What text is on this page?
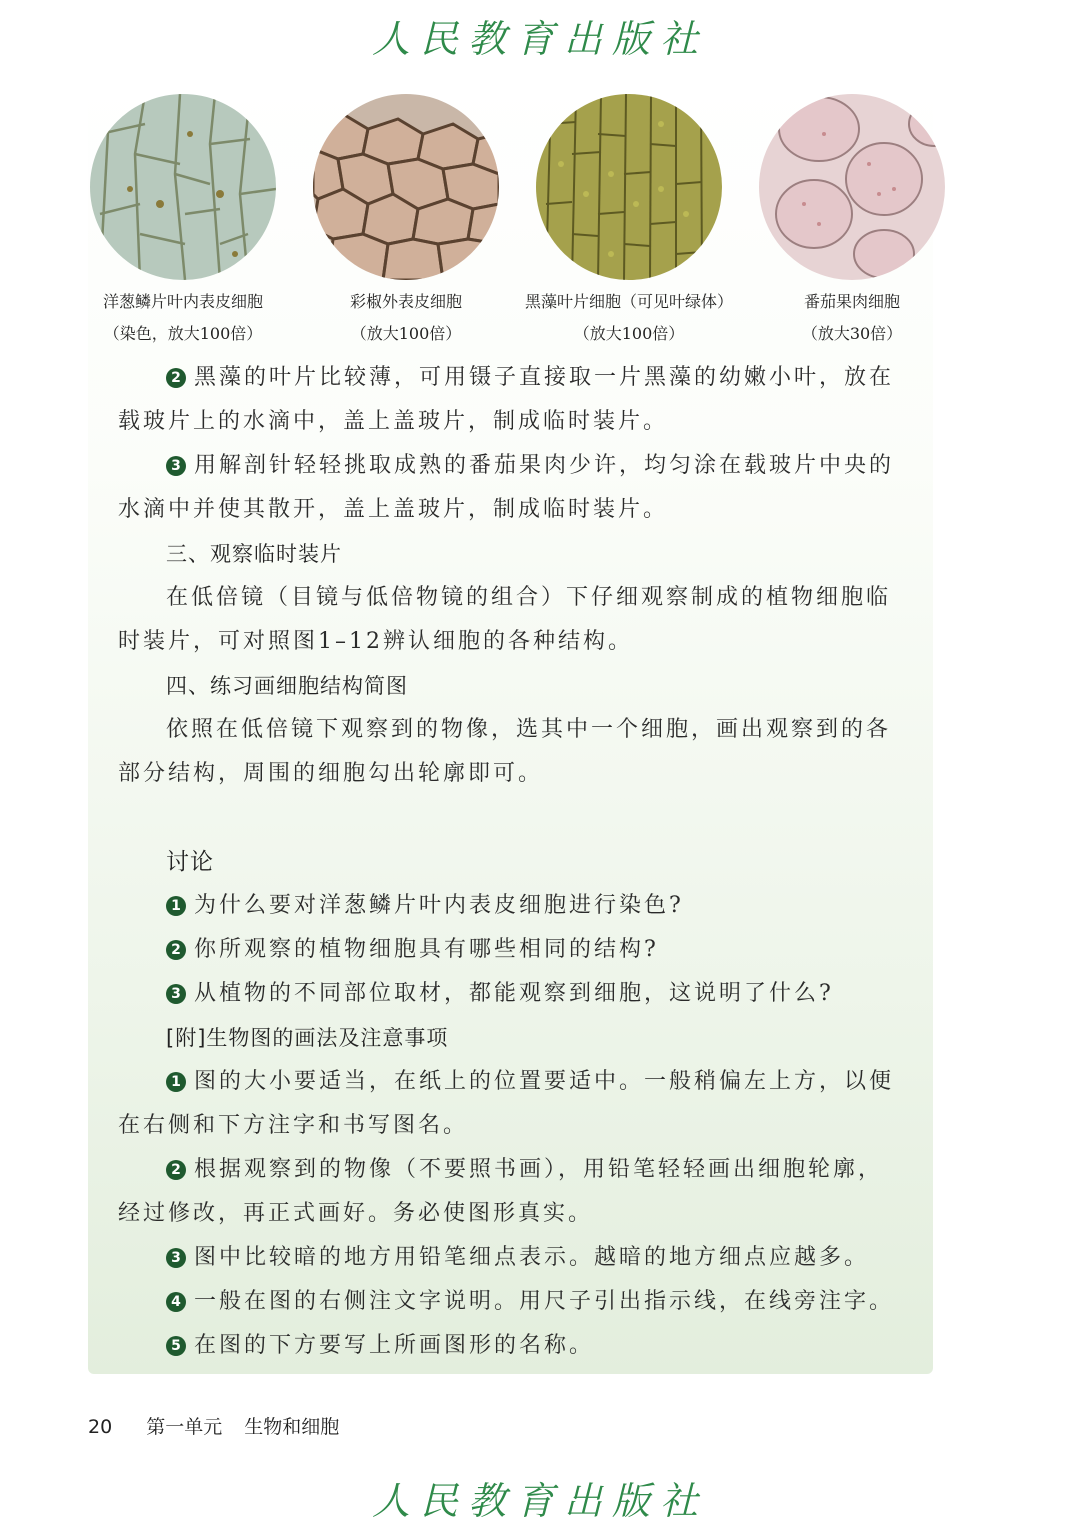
人民教育出版社
洋葱鳞片叶内表皮细胞
（染色，放大100倍）
彩椒外表皮细胞
（放大100倍）
黑藻叶片细胞（可见叶绿体）
（放大100倍）
番茄果肉细胞
（放大30倍）

2 黑藻的叶片比较薄，可用镊子直接取一片黑藻的幼嫩小叶，放在载玻片上的水滴中，盖上盖玻片，制成临时装片。

3 用解剖针轻轻挑取成熟的番茄果肉少许，均匀涂在载玻片中央的水滴中并使其散开，盖上盖玻片，制成临时装片。

三、观察临时装片

在低倍镜（目镜与低倍物镜的组合）下仔细观察制成的植物细胞临时装片，可对照图1–12辨认细胞的各种结构。

四、练习画细胞结构简图

依照在低倍镜下观察到的物像，选其中一个细胞，画出观察到的各部分结构，周围的细胞勾出轮廓即可。

讨论

1 为什么要对洋葱鳞片叶内表皮细胞进行染色?

2 你所观察的植物细胞具有哪些相同的结构?

3 从植物的不同部位取材，都能观察到细胞，这说明了什么?

[附]生物图的画法及注意事项

1 图的大小要适当，在纸上的位置要适中。一般稍偏左上方，以便在右侧和下方注字和书写图名。

2 根据观察到的物像（不要照书画），用铅笔轻轻画出细胞轮廓，经过修改，再正式画好。务必使图形真实。

3 图中比较暗的地方用铅笔细点表示。越暗的地方细点应越多。

4 一般在图的右侧注文字说明。用尺子引出指示线，在线旁注字。

5 在图的下方要写上所画图形的名称。

20 第一单元 生物和细胞
人民教育出版社
